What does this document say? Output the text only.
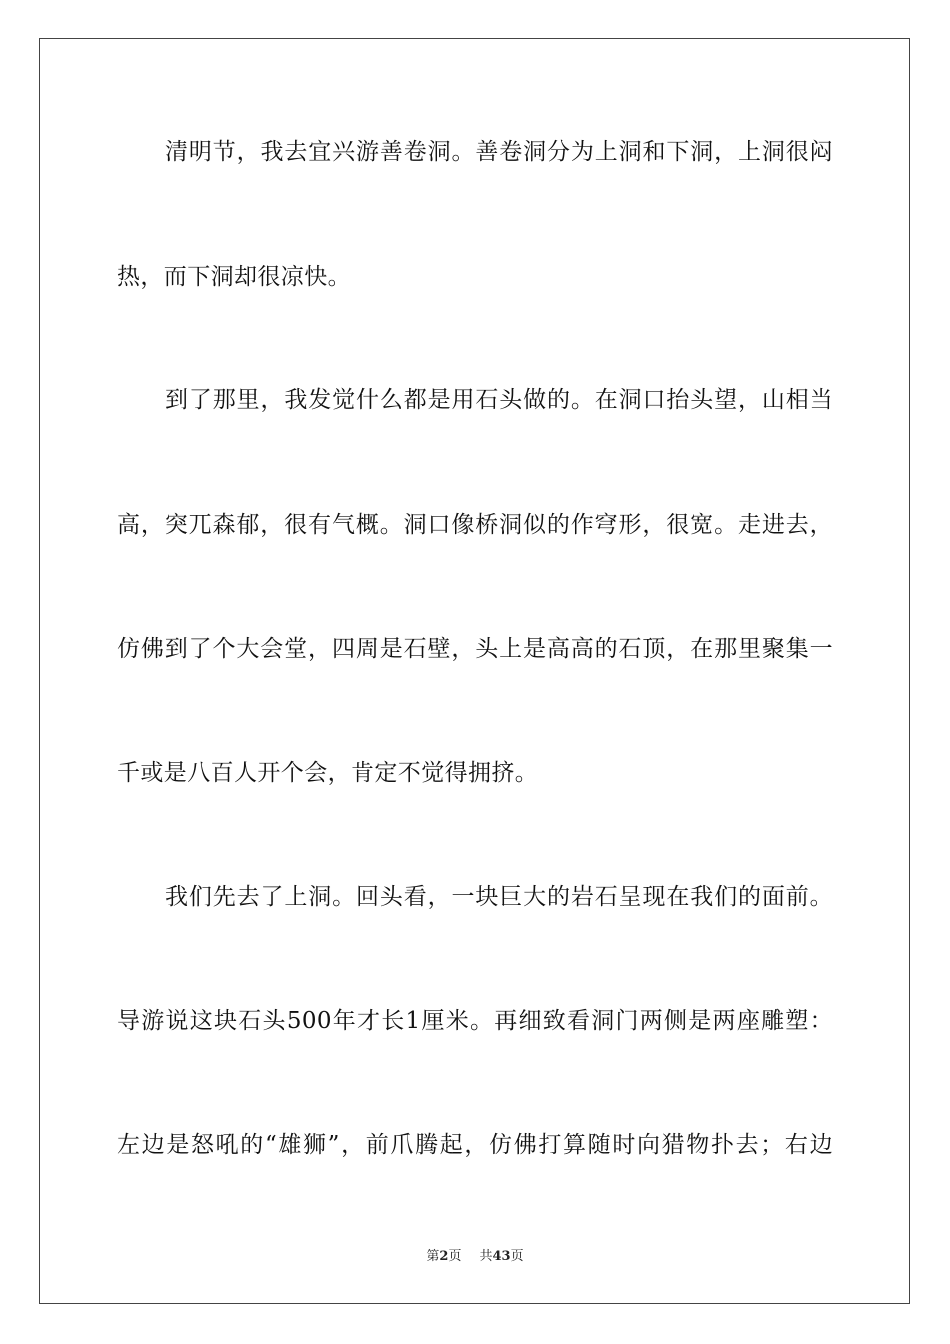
清明节，我去宜兴游善卷洞。善卷洞分为上洞和下洞，上洞很闷
热，而下洞却很凉快。
到了那里，我发觉什么都是用石头做的。在洞口抬头望，山相当
高，突兀森郁，很有气概。洞口像桥洞似的作穹形，很宽。走进去，
仿佛到了个大会堂，四周是石壁，头上是高高的石顶，在那里聚集一
千或是八百人开个会，肯定不觉得拥挤。
我们先去了上洞。回头看，一块巨大的岩石呈现在我们的面前。
导游说这块石头500年才长1厘米。再细致看洞门两侧是两座雕塑：
左边是怒吼的“雄狮”，前爪腾起，仿佛打算随时向猎物扑去；右边
第2页 共43页
